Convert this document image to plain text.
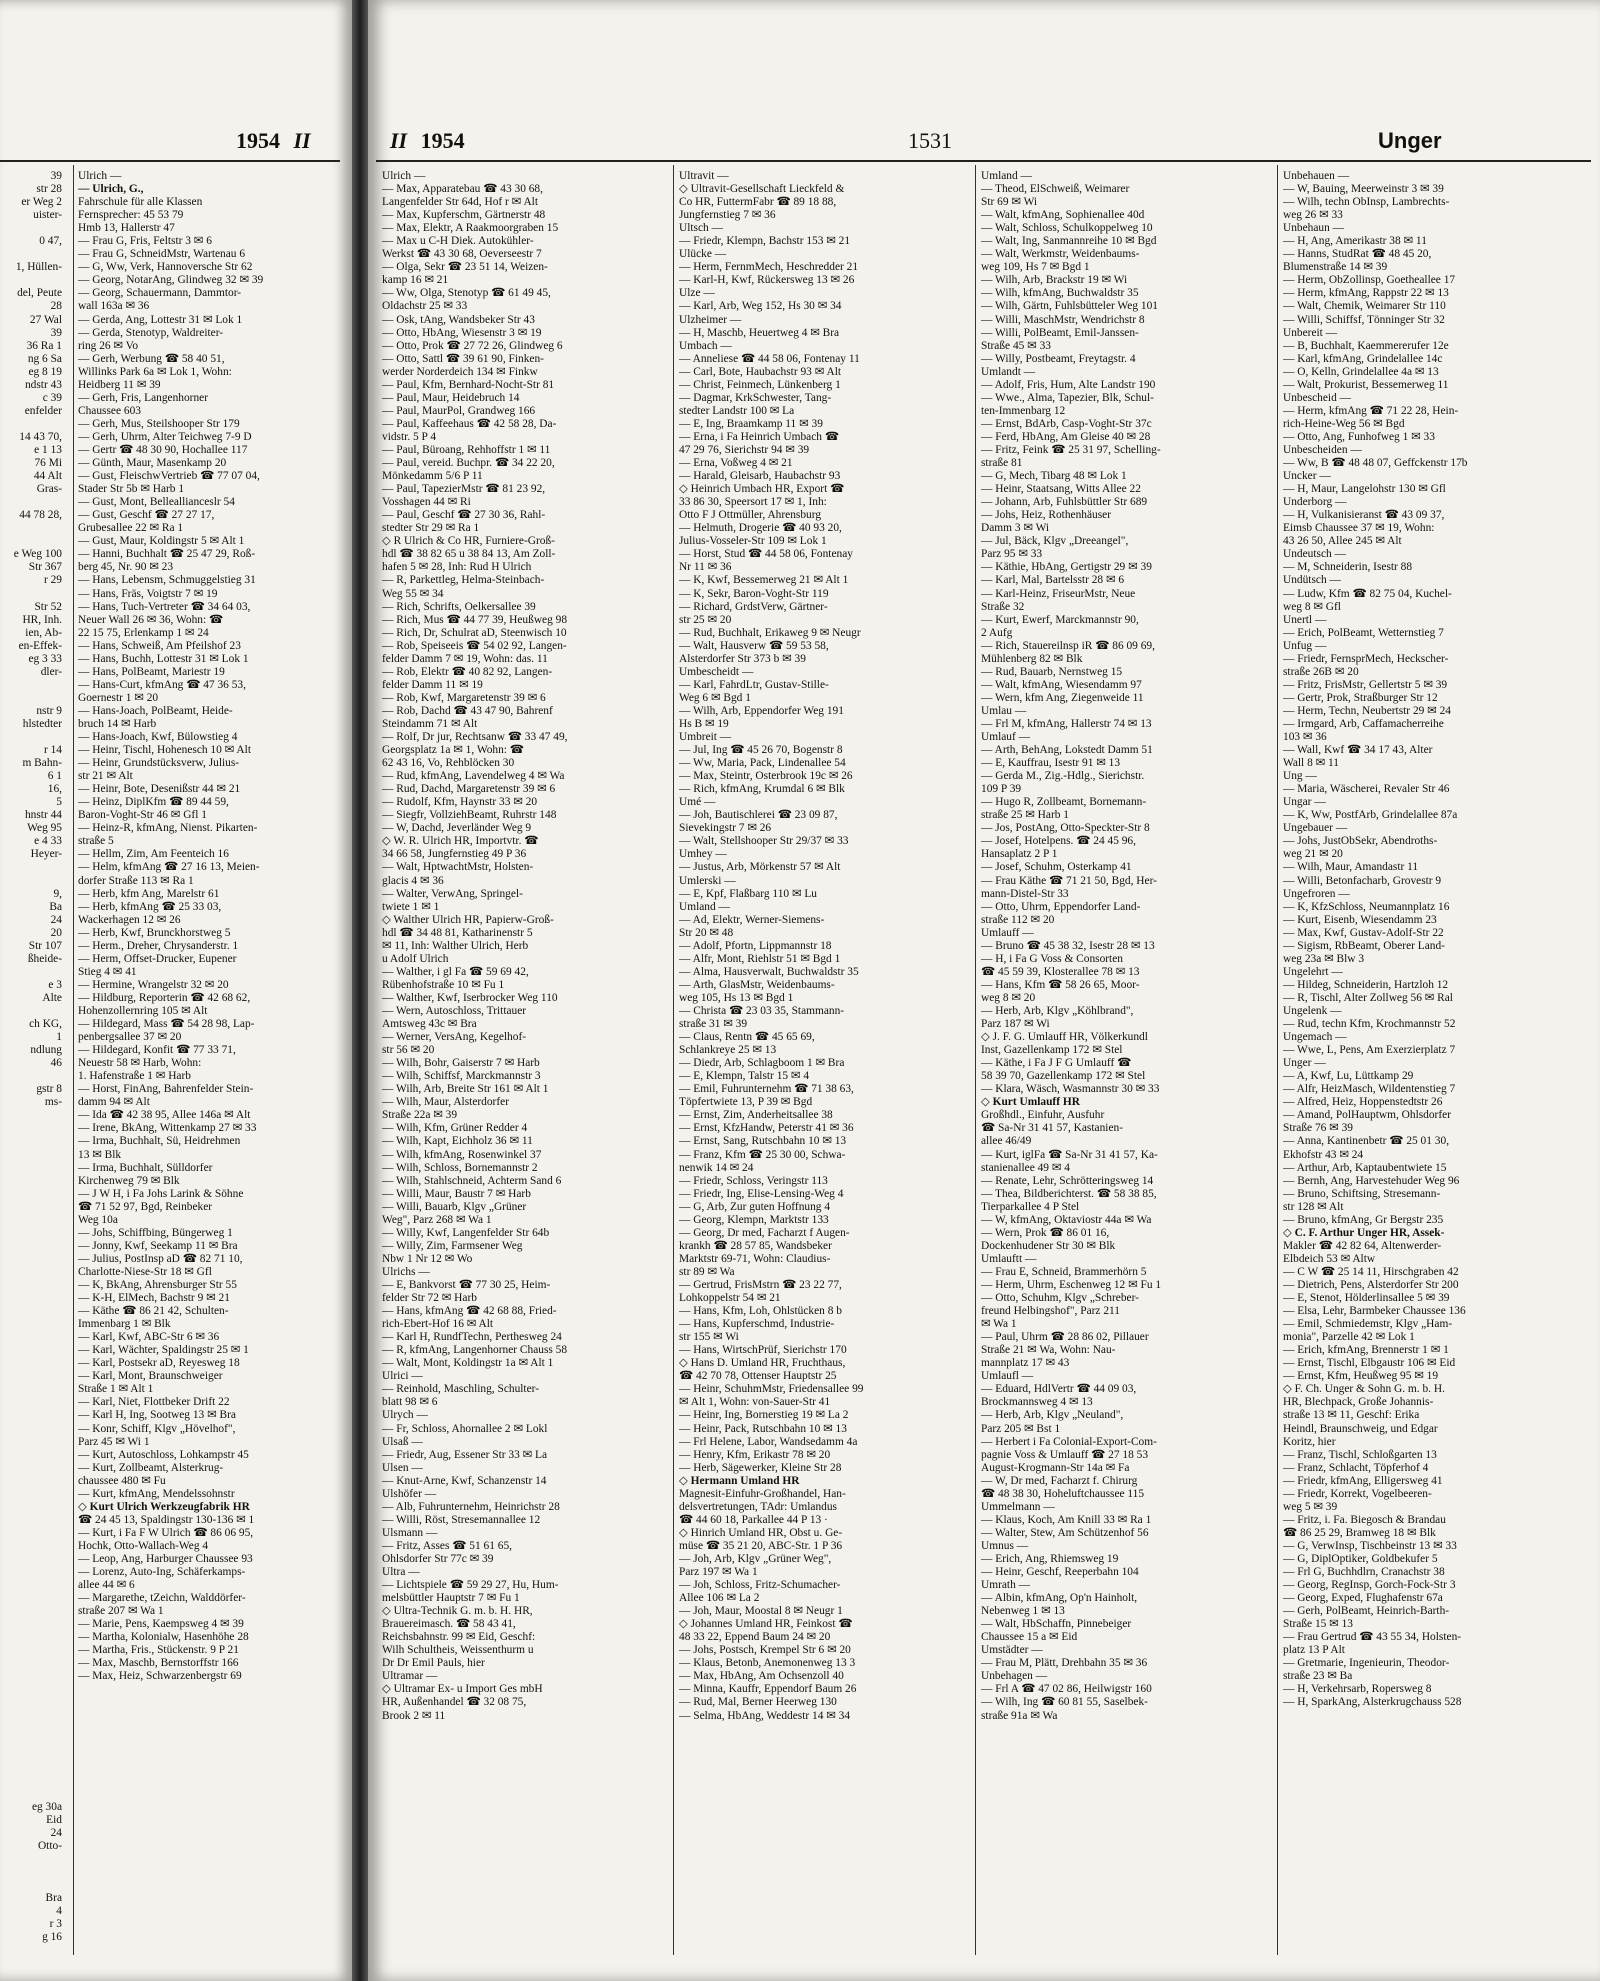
1954 II
39
str 28
er Weg 2
uister-

0 47,

1, Hüllen-

del, Peute
28
27 Wal
39
36 Ra 1
ng 6 Sa
eg 8 19
ndstr 43
c 39
enfelder

14 43 70,
e 1 13
76 Mi
44 Alt
Gras-

44 78 28,

e Weg 100
Str 367
r 29

Str 52
HR, Inh.
ien, Ab-
en-Effek-
eg 3 33
dler-

nstr 9
hlstedter

r 14
m Bahn-
6 1
16,
5
hnstr 44
Weg 95
e 4 33
Heyer-

9,
Ba
24
20
Str 107
ßheide-

e 3
Alte

ch KG,
1
ndlung
46

gstr 8
ms-

eg 30a
Eid
24
Otto-

Bra
4
r 3
g 16
Ulrich —
— Ulrich, G.,
Fahrschule für alle Klassen
Fernsprecher: 45 53 79
Hmb 13, Hallerstr 47
— Frau G, Fris, Feltstr 3 ✉ 6
— Frau G, SchneidMstr, Wartenau 6
— G, Ww, Verk, Hannoversche Str 62
— Georg, NotarAng, Glindweg 32 ✉ 39
— Georg, Schauermann, Dammtor-
wall 163a ✉ 36
— Gerda, Ang, Lottestr 31 ✉ Lok 1
— Gerda, Stenotyp, Waldreiter-
ring 26 ✉ Vo
— Gerh, Werbung ☎ 58 40 51,
Willinks Park 6a ✉ Lok 1, Wohn:
Heidberg 11 ✉ 39
— Gerh, Fris, Langenhorner
Chaussee 603
— Gerh, Mus, Steilshooper Str 179
— Gerh, Uhrm, Alter Teichweg 7-9 D
— Gertr ☎ 48 30 90, Hochallee 117
— Günth, Maur, Masenkamp 20
— Gust, FleischwVertrieb ☎ 77 07 04,
Stader Str 5b ✉ Harb 1
— Gust, Mont, Belleallianceslr 54
— Gust, Geschf ☎ 27 27 17,
Grubesallee 22 ✉ Ra 1
— Gust, Maur, Koldingstr 5 ✉ Alt 1
— Hanni, Buchhalt ☎ 25 47 29, Roß-
berg 45, Nr. 90 ✉ 23
— Hans, Lebensm, Schmuggelstieg 31
— Hans, Fräs, Voigtstr 7 ✉ 19
— Hans, Tuch-Vertreter ☎ 34 64 03,
Neuer Wall 26 ✉ 36, Wohn: ☎
22 15 75, Erlenkamp 1 ✉ 24
— Hans, Schweiß, Am Pfeilshof 23
— Hans, Buchh, Lottestr 31 ✉ Lok 1
— Hans, PolBeamt, Mariestr 19
— Hans-Curt, kfmAng ☎ 47 36 53,
Goernestr 1 ✉ 20
— Hans-Joach, PolBeamt, Heide-
bruch 14 ✉ Harb
— Hans-Joach, Kwf, Bülowstieg 4
— Heinr, Tischl, Hohenesch 10 ✉ Alt
— Heinr, Grundstücksverw, Julius-
str 21 ✉ Alt
— Heinr, Bote, Desenißstr 44 ✉ 21
— Heinz, DiplKfm ☎ 89 44 59,
Baron-Voght-Str 46 ✉ Gfl 1
— Heinz-R, kfmAng, Nienst. Pikarten-
straße 5
— Hellm, Zim, Am Feenteich 16
— Helm, kfmAng ☎ 27 16 13, Meien-
dorfer Straße 113 ✉ Ra 1
— Herb, kfm Ang, Marelstr 61
— Herb, kfmAng ☎ 25 33 03,
Wackerhagen 12 ✉ 26
— Herb, Kwf, Brunckhorstweg 5
— Herm., Dreher, Chrysanderstr. 1
— Herm, Offset-Drucker, Eupener
Stieg 4 ✉ 41
— Hermine, Wrangelstr 32 ✉ 20
— Hildburg, Reporterin ☎ 42 68 62,
Hohenzollernring 105 ✉ Alt
— Hildegard, Mass ☎ 54 28 98, Lap-
penbergsallee 37 ✉ 20
— Hildegard, Konfit ☎ 77 33 71,
Neuestr 58 ✉ Harb, Wohn:
1. Hafenstraße 1 ✉ Harb
— Horst, FinAng, Bahrenfelder Stein-
damm 94 ✉ Alt
— Ida ☎ 42 38 95, Allee 146a ✉ Alt
— Irene, BkAng, Wittenkamp 27 ✉ 33
— Irma, Buchhalt, Sü, Heidrehmen
13 ✉ Blk
— Irma, Buchhalt, Sülldorfer
Kirchenweg 79 ✉ Blk
— J W H, i Fa Johs Larink & Söhne
☎ 71 52 97, Bgd, Reinbeker
Weg 10a
— Johs, Schiffbing, Büngerweg 1
— Jonny, Kwf, Seekamp 11 ✉ Bra
— Julius, PostInsp aD ☎ 82 71 10,
Charlotte-Niese-Str 18 ✉ Gfl
— K, BkAng, Ahrensburger Str 55
— K-H, ElMech, Bachstr 9 ✉ 21
— Käthe ☎ 86 21 42, Schulten-
Immenbarg 1 ✉ Blk
— Karl, Kwf, ABC-Str 6 ✉ 36
— Karl, Wächter, Spaldingstr 25 ✉ 1
— Karl, Postsekr aD, Reyesweg 18
— Karl, Mont, Braunschweiger
Straße 1 ✉ Alt 1
— Karl, Niet, Flottbeker Drift 22
— Karl H, Ing, Sootweg 13 ✉ Bra
— Konr, Schiff, Klgv „Hövelhof",
Parz 45 ✉ Wi 1
— Kurt, Autoschloss, Lohkampstr 45
— Kurt, Zollbeamt, Alsterkrug-
chaussee 480 ✉ Fu
— Kurt, kfmAng, Mendelssohnstr
◇ Kurt Ulrich Werkzeugfabrik HR
☎ 24 45 13, Spaldingstr 130-136 ✉ 1
— Kurt, i Fa F W Ulrich ☎ 86 06 95,
Hochk, Otto-Wallach-Weg 4
— Leop, Ang, Harburger Chaussee 93
— Lorenz, Auto-Ing, Schäferkamps-
allee 44 ✉ 6
— Margarethe, tZeichn, Walddörfer-
straße 207 ✉ Wa 1
— Marie, Pens, Kaempsweg 4 ✉ 39
— Martha, Kolonialw, Hasenhöhe 28
— Martha, Fris., Stückenstr. 9 P 21
— Max, Maschb, Bernstorffstr 166
— Max, Heiz, Schwarzenbergstr 69
II 1954	1531	Unger
Ulrich —
— Max, Apparatebau ☎ 43 30 68,
Langenfelder Str 64d, Hof r ✉ Alt
— Max, Kupferschm, Gärtnerstr 48
— Max, Elektr, A Raakmoorgraben 15
— Max u C-H Diek. Autokühler-
Werkst ☎ 43 30 68, Oeverseestr 7
— Olga, Sekr ☎ 23 51 14, Weizen-
kamp 16 ✉ 21
— Ww, Olga, Stenotyp ☎ 61 49 45,
Oldachstr 25 ✉ 33
— Osk, tAng, Wandsbeker Str 43
— Otto, HbAng, Wiesenstr 3 ✉ 19
— Otto, Prok ☎ 27 72 26, Glindweg 6
— Otto, Sattl ☎ 39 61 90, Finken-
werder Norderdeich 134 ✉ Finkw
— Paul, Kfm, Bernhard-Nocht-Str 81
— Paul, Maur, Heidebruch 14
— Paul, MaurPol, Grandweg 166
— Paul, Kaffeehaus ☎ 42 58 28, Da-
vidstr. 5 P 4
— Paul, Büroang, Rehhoffstr 1 ✉ 11
— Paul, vereid. Buchpr. ☎ 34 22 20,
Mönkedamm 5/6 P 11
— Paul, TapezierMstr ☎ 81 23 92,
Vosshagen 44 ✉ Ri
— Paul, Geschf ☎ 27 30 36, Rahl-
stedter Str 29 ✉ Ra 1
◇ R Ulrich & Co HR, Furniere-Groß-
hdl ☎ 38 82 65 u 38 84 13, Am Zoll-
hafen 5 ✉ 28, Inh: Rud H Ulrich
— R, Parkettleg, Helma-Steinbach-
Weg 55 ✉ 34
— Rich, Schrifts, Oelkersallee 39
— Rich, Mus ☎ 44 77 39, Heußweg 98
— Rich, Dr, Schulrat aD, Steenwisch 10
— Rob, Speiseeis ☎ 54 02 92, Langen-
felder Damm 7 ✉ 19, Wohn: das. 11
— Rob, Elektr ☎ 40 82 92, Langen-
felder Damm 11 ✉ 19
— Rob, Kwf, Margaretenstr 39 ✉ 6
— Rob, Dachd ☎ 43 47 90, Bahrenf
Steindamm 71 ✉ Alt
— Rolf, Dr jur, Rechtsanw ☎ 33 47 49,
Georgsplatz 1a ✉ 1, Wohn: ☎
62 43 16, Vo, Rehblöcken 30
— Rud, kfmAng, Lavendelweg 4 ✉ Wa
— Rud, Dachd, Margaretenstr 39 ✉ 6
— Rudolf, Kfm, Haynstr 33 ✉ 20
— Siegfr, VollziehBeamt, Ruhrstr 148
— W, Dachd, Jeverländer Weg 9
◇ W. R. Ulrich HR, Importvtr. ☎
34 66 58, Jungfernstieg 49 P 36
— Walt, HptwachtMstr, Holsten-
glacis 4 ✉ 36
— Walter, VerwAng, Springel-
twiete 1 ✉ 1
◇ Walther Ulrich HR, Papierw-Groß-
hdl ☎ 34 48 81, Katharinenstr 5
✉ 11, Inh: Walther Ulrich, Herb
u Adolf Ulrich
— Walther, i gl Fa ☎ 59 69 42,
Rübenhofstraße 10 ✉ Fu 1
— Walther, Kwf, Iserbrocker Weg 110
— Wern, Autoschloss, Trittauer
Amtsweg 43c ✉ Bra
— Werner, VersAng, Kegelhof-
str 56 ✉ 20
— Wilh, Bohr, Gaiserstr 7 ✉ Harb
— Wilh, Schiffsf, Marckmannstr 3
— Wilh, Arb, Breite Str 161 ✉ Alt 1
— Wilh, Maur, Alsterdorfer
Straße 22a ✉ 39
— Wilh, Kfm, Grüner Redder 4
— Wilh, Kapt, Eichholz 36 ✉ 11
— Wilh, kfmAng, Rosenwinkel 37
— Wilh, Schloss, Bornemannstr 2
— Wilh, Stahlschneid, Achterm Sand 6
— Willi, Maur, Baustr 7 ✉ Harb
— Willi, Bauarb, Klgv „Grüner
Weg", Parz 268 ✉ Wa 1
— Willy, Kwf, Langenfelder Str 64b
— Willy, Zim, Farmsener Weg
Nbw 1 Nr 12 ✉ Wo
Ulrichs —
— E, Bankvorst ☎ 77 30 25, Heim-
felder Str 72 ✉ Harb
— Hans, kfmAng ☎ 42 68 88, Fried-
rich-Ebert-Hof 16 ✉ Alt
— Karl H, RundfTechn, Perthesweg 24
— R, kfmAng, Langenhorner Chauss 58
— Walt, Mont, Koldingstr 1a ✉ Alt 1
Ulrici —
— Reinhold, Maschling, Schulter-
blatt 98 ✉ 6
Ulrych —
— Fr, Schloss, Ahornallee 2 ✉ Lokl
Ulsaß —
— Friedr, Aug, Essener Str 33 ✉ La
Ulsen —
— Knut-Arne, Kwf, Schanzenstr 14
Ulshöfer —
— Alb, Fuhrunternehm, Heinrichstr 28
— Willi, Röst, Stresemannallee 12
Ulsmann —
— Fritz, Asses ☎ 51 61 65,
Ohlsdorfer Str 77c ✉ 39
Ultra —
— Lichtspiele ☎ 59 29 27, Hu, Hum-
melsbüttler Hauptstr 7 ✉ Fu 1
◇ Ultra-Technik G. m. b. H. HR,
Brauereimasch. ☎ 58 43 41,
Reichsbahnstr. 99 ✉ Eid, Geschf:
Wilh Schultheis, Weissenthurm u
Dr Dr Emil Pauls, hier
Ultramar —
◇ Ultramar Ex- u Import Ges mbH
HR, Außenhandel ☎ 32 08 75,
Brook 2 ✉ 11
Ultravit —
◇ Ultravit-Gesellschaft Lieckfeld &
Co HR, FuttermFabr ☎ 89 18 88,
Jungfernstieg 7 ✉ 36
Ultsch —
— Friedr, Klempn, Bachstr 153 ✉ 21
Ulücke —
— Herm, FernmMech, Heschredder 21
— Karl-H, Kwf, Rückersweg 13 ✉ 26
Ulze —
— Karl, Arb, Weg 152, Hs 30 ✉ 34
Ulzheimer —
— H, Maschb, Heuertweg 4 ✉ Bra
Umbach —
— Anneliese ☎ 44 58 06, Fontenay 11
— Carl, Bote, Haubachstr 93 ✉ Alt
— Christ, Feinmech, Lünkenberg 1
— Dagmar, KrkSchwester, Tang-
stedter Landstr 100 ✉ La
— E, Ing, Braamkamp 11 ✉ 39
— Erna, i Fa Heinrich Umbach ☎
47 29 76, Sierichstr 94 ✉ 39
— Erna, Voßweg 4 ✉ 21
— Harald, Gleisarb, Haubachstr 93
◇ Heinrich Umbach HR, Export ☎
33 86 30, Speersort 17 ✉ 1, Inh:
Otto F J Ottmüller, Ahrensburg
— Helmuth, Drogerie ☎ 40 93 20,
Julius-Vosseler-Str 109 ✉ Lok 1
— Horst, Stud ☎ 44 58 06, Fontenay
Nr 11 ✉ 36
— K, Kwf, Bessemerweg 21 ✉ Alt 1
— K, Sekr, Baron-Voght-Str 119
— Richard, GrdstVerw, Gärtner-
str 25 ✉ 20
— Rud, Buchhalt, Erikaweg 9 ✉ Neugr
— Walt, Hausverw ☎ 59 53 58,
Alsterdorfer Str 373 b ✉ 39
Umbescheidt —
— Karl, FahrdLtr, Gustav-Stille-
Weg 6 ✉ Bgd 1
— Wilh, Arb, Eppendorfer Weg 191
Hs B ✉ 19
Umbreit —
— Jul, Ing ☎ 45 26 70, Bogenstr 8
— Ww, Maria, Pack, Lindenallee 54
— Max, Steintr, Osterbrook 19c ✉ 26
— Rich, kfmAng, Krumdal 6 ✉ Blk
Umé —
— Joh, Bautischlerei ☎ 23 09 87,
Sievekingstr 7 ✉ 26
— Walt, Stellshooper Str 29/37 ✉ 33
Umhey —
— Justus, Arb, Mörkenstr 57 ✉ Alt
Umlerski —
— E, Kpf, Flaßbarg 110 ✉ Lu
Umland —
— Ad, Elektr, Werner-Siemens-
Str 20 ✉ 48
— Adolf, Pfortn, Lippmannstr 18
— Alfr, Mont, Riehlstr 51 ✉ Bgd 1
— Alma, Hausverwalt, Buchwaldstr 35
— Arth, GlasMstr, Weidenbaums-
weg 105, Hs 13 ✉ Bgd 1
— Christa ☎ 23 03 35, Stammann-
straße 31 ✉ 39
— Claus, Rentn ☎ 45 65 69,
Schlankreye 25 ✉ 13
— Diedr, Arb, Schlagboom 1 ✉ Bra
— E, Klempn, Talstr 15 ✉ 4
— Emil, Fuhrunternehm ☎ 71 38 63,
Töpfertwiete 13, P 39 ✉ Bgd
— Ernst, Zim, Anderheitsallee 38
— Ernst, KfzHandw, Peterstr 41 ✉ 36
— Ernst, Sang, Rutschbahn 10 ✉ 13
— Franz, Kfm ☎ 25 30 00, Schwa-
nenwik 14 ✉ 24
— Friedr, Schloss, Veringstr 113
— Friedr, Ing, Elise-Lensing-Weg 4
— G, Arb, Zur guten Hoffnung 4
— Georg, Klempn, Marktstr 133
— Georg, Dr med, Facharzt f Augen-
krankh ☎ 28 57 85, Wandsbeker
Marktstr 69-71, Wohn: Claudius-
str 89 ✉ Wa
— Gertrud, FrisMstrn ☎ 23 22 77,
Lohkoppelstr 54 ✉ 21
— Hans, Kfm, Loh, Ohlstücken 8 b
— Hans, Kupferschmd, Industrie-
str 155 ✉ Wi
— Hans, WirtschPrüf, Sierichstr 170
◇ Hans D. Umland HR, Fruchthaus,
☎ 42 70 78, Ottenser Hauptstr 25
— Heinr, SchuhmMstr, Friedensallee 99
✉ Alt 1, Wohn: von-Sauer-Str 41
— Heinr, Ing, Bornerstieg 19 ✉ La 2
— Heinr, Pack, Rutschbahn 10 ✉ 13
— Frl Helene, Labor, Wandsedamm 4a
— Henry, Kfm, Erikastr 78 ✉ 20
— Herb, Sägewerker, Kleine Str 28
◇ Hermann Umland HR
Magnesit-Einfuhr-Großhandel, Han-
delsvertretungen, TAdr: Umlandus
☎ 44 60 18, Parkallee 44 P 13 ·
◇ Hinrich Umland HR, Obst u. Ge-
müse ☎ 35 21 20, ABC-Str. 1 P 36
— Joh, Arb, Klgv „Grüner Weg",
Parz 197 ✉ Wa 1
— Joh, Schloss, Fritz-Schumacher-
Allee 106 ✉ La 2
— Joh, Maur, Moostal 8 ✉ Neugr 1
◇ Johannes Umland HR, Feinkost ☎
48 33 22, Eppend Baum 24 ✉ 20
— Johs, Postsch, Krempel Str 6 ✉ 20
— Klaus, Betonb, Anemonenweg 13 3
— Max, HbAng, Am Ochsenzoll 40
— Minna, Kauffr, Eppendorf Baum 26
— Rud, Mal, Berner Heerweg 130
— Selma, HbAng, Weddestr 14 ✉ 34
Umland —
— Theod, ElSchweiß, Weimarer
Str 69 ✉ Wi
— Walt, kfmAng, Sophienallee 40d
— Walt, Schloss, Schulkoppelweg 10
— Walt, Ing, Sanmannreihe 10 ✉ Bgd
— Walt, Werkmstr, Weidenbaums-
weg 109, Hs 7 ✉ Bgd 1
— Wilh, Arb, Brackstr 19 ✉ Wi
— Wilh, kfmAng, Buchwaldstr 35
— Wilh, Gärtn, Fuhlsbütteler Weg 101
— Willi, MaschMstr, Wendrichstr 8
— Willi, PolBeamt, Emil-Janssen-
Straße 45 ✉ 33
— Willy, Postbeamt, Freytagstr. 4
Umlandt —
— Adolf, Fris, Hum, Alte Landstr 190
— Wwe., Alma, Tapezier, Blk, Schul-
ten-Immenbarg 12
— Ernst, BdArb, Casp-Voght-Str 37c
— Ferd, HbAng, Am Gleise 40 ✉ 28
— Fritz, Feink ☎ 25 31 97, Schelling-
straße 81
— G, Mech, Tibarg 48 ✉ Lok 1
— Heinr, Staatsang, Witts Allee 22
— Johann, Arb, Fuhlsbüttler Str 689
— Johs, Heiz, Rothenhäuser
Damm 3 ✉ Wi
— Jul, Bäck, Klgv „Dreeangel",
Parz 95 ✉ 33
— Käthie, HbAng, Gertigstr 29 ✉ 39
— Karl, Mal, Bartelsstr 28 ✉ 6
— Karl-Heinz, FriseurMstr, Neue
Straße 32
— Kurt, Ewerf, Marckmannstr 90,
2 Aufg
— Rich, Stauereilnsp iR ☎ 86 09 69,
Mühlenberg 82 ✉ Blk
— Rud, Bauarb, Nernstweg 15
— Walt, kfmAng, Wiesendamm 97
— Wern, kfm Ang, Ziegenweide 11
Umlau —
— Frl M, kfmAng, Hallerstr 74 ✉ 13
Umlauf —
— Arth, BehAng, Lokstedt Damm 51
— E, Kauffrau, Isestr 91 ✉ 13
— Gerda M., Zig.-Hdlg., Sierichstr.
109 P 39
— Hugo R, Zollbeamt, Bornemann-
straße 25 ✉ Harb 1
— Jos, PostAng, Otto-Speckter-Str 8
— Josef, Hotelpens. ☎ 24 45 96,
Hansaplatz 2 P 1
— Josef, Schuhm, Osterkamp 41
— Frau Käthe ☎ 71 21 50, Bgd, Her-
mann-Distel-Str 33
— Otto, Uhrm, Eppendorfer Land-
straße 112 ✉ 20
Umlauff —
— Bruno ☎ 45 38 32, Isestr 28 ✉ 13
— H, i Fa G Voss & Consorten
☎ 45 59 39, Klosterallee 78 ✉ 13
— Hans, Kfm ☎ 58 26 65, Moor-
weg 8 ✉ 20
— Herb, Arb, Klgv „Köhlbrand",
Parz 187 ✉ Wi
◇ J. F. G. Umlauff HR, Völkerkundl
Inst, Gazellenkamp 172 ✉ Stel
— Käthe, i Fa J F G Umlauff ☎
58 39 70, Gazellenkamp 172 ✉ Stel
— Klara, Wäsch, Wasmannstr 30 ✉ 33
◇ Kurt Umlauff HR
Großhdl., Einfuhr, Ausfuhr
☎ Sa-Nr 31 41 57, Kastanien-
allee 46/49
— Kurt, iglFa ☎ Sa-Nr 31 41 57, Ka-
stanienallee 49 ✉ 4
— Renate, Lehr, Schrötteringsweg 14
— Thea, Bildberichterst. ☎ 58 38 85,
Tierparkallee 4 P Stel
— W, kfmAng, Oktaviostr 44a ✉ Wa
— Wern, Prok ☎ 86 01 16,
Dockenhudener Str 30 ✉ Blk
Umlauftt —
— Frau E, Schneid, Brammerhörn 5
— Herm, Uhrm, Eschenweg 12 ✉ Fu 1
— Otto, Schuhm, Klgv „Schreber-
freund Helbingshof", Parz 211
✉ Wa 1
— Paul, Uhrm ☎ 28 86 02, Pillauer
Straße 21 ✉ Wa, Wohn: Nau-
mannplatz 17 ✉ 43
Umlaufl —
— Eduard, HdlVertr ☎ 44 09 03,
Brockmannsweg 4 ✉ 13
— Herb, Arb, Klgv „Neuland",
Parz 205 ✉ Bst 1
— Herbert i Fa Colonial-Export-Com-
pagnie Voss & Umlauff ☎ 27 18 53
August-Krogmann-Str 14a ✉ Fa
— W, Dr med, Facharzt f. Chirurg
☎ 48 38 30, Hoheluftchaussee 115
Ummelmann —
— Klaus, Koch, Am Knill 33 ✉ Ra 1
— Walter, Stew, Am Schützenhof 56
Umnus —
— Erich, Ang, Rhiemsweg 19
— Heinr, Geschf, Reeperbahn 104
Umrath —
— Albin, kfmAng, Op'n Hainholt,
Nebenweg 1 ✉ 13
— Walt, HbSchaffn, Pinnebeiger
Chaussee 15 a ✉ Eid
Umstädter —
— Frau M, Plätt, Drehbahn 35 ✉ 36
Unbehagen —
— Frl A ☎ 47 02 86, Heilwigstr 160
— Wilh, Ing ☎ 60 81 55, Saselbek-
straße 91a ✉ Wa
Unbehauen —
— W, Bauing, Meerweinstr 3 ✉ 39
— Wilh, techn ObInsp, Lambrechts-
weg 26 ✉ 33
Unbehaun —
— H, Ang, Amerikastr 38 ✉ 11
— Hanns, StudRat ☎ 48 45 20,
Blumenstraße 14 ✉ 39
— Herm, ObZollinsp, Goetheallee 17
— Herm, kfmAng, Rappstr 22 ✉ 13
— Walt, Chemik, Weimarer Str 110
— Willi, Schiffsf, Tönninger Str 32
Unbereit —
— B, Buchhalt, Kaemmererufer 12e
— Karl, kfmAng, Grindelallee 14c
— O, Kelln, Grindelallee 4a ✉ 13
— Walt, Prokurist, Bessemerweg 11
Unbescheid —
— Herm, kfmAng ☎ 71 22 28, Hein-
rich-Heine-Weg 56 ✉ Bgd
— Otto, Ang, Funhofweg 1 ✉ 33
Unbescheiden —
— Ww, B ☎ 48 48 07, Geffckenstr 17b
Uncker —
— H, Maur, Langelohstr 130 ✉ Gfl
Underborg —
— H, Vulkanisieranst ☎ 43 09 37,
Eimsb Chaussee 37 ✉ 19, Wohn:
43 26 50, Allee 245 ✉ Alt
Undeutsch —
— M, Schneiderin, Isestr 88
Undütsch —
— Ludw, Kfm ☎ 82 75 04, Kuchel-
weg 8 ✉ Gfl
Unertl —
— Erich, PolBeamt, Wetternstieg 7
Unfug —
— Friedr, FernsprMech, Heckscher-
straße 26B ✉ 20
— Fritz, FrisMstr, Gellertstr 5 ✉ 39
— Gertr, Prok, Straßburger Str 12
— Herm, Techn, Neubertstr 29 ✉ 24
— Irmgard, Arb, Caffamacherreihe
103 ✉ 36
— Wall, Kwf ☎ 34 17 43, Alter
Wall 8 ✉ 11
Ung —
— Maria, Wäscherei, Revaler Str 46
Ungar —
— K, Ww, PostfArb, Grindelallee 87a
Ungebauer —
— Johs, JustObSekr, Abendroths-
weg 21 ✉ 20
— Wilh, Maur, Amandastr 11
— Willi, Betonfacharb, Grovestr 9
Ungefroren —
— K, KfzSchloss, Neumannplatz 16
— Kurt, Eisenb, Wiesendamm 23
— Max, Kwf, Gustav-Adolf-Str 22
— Sigism, RbBeamt, Oberer Land-
weg 23a ✉ Blw 3
Ungelehrt —
— Hildeg, Schneiderin, Hartzloh 12
— R, Tischl, Alter Zollweg 56 ✉ Ral
Ungelenk —
— Rud, techn Kfm, Krochmannstr 52
Ungemach —
— Wwe, L, Pens, Am Exerzierplatz 7
Unger —
— A, Kwf, Lu, Lüttkamp 29
— Alfr, HeizMasch, Wildentenstieg 7
— Alfred, Heiz, Hoppenstedtstr 26
— Amand, PolHauptwm, Ohlsdorfer
Straße 76 ✉ 39
— Anna, Kantinenbetr ☎ 25 01 30,
Ekhofstr 43 ✉ 24
— Arthur, Arb, Kaptaubentwiete 15
— Bernh, Ang, Harvestehuder Weg 96
— Bruno, Schiftsing, Stresemann-
str 128 ✉ Alt
— Bruno, kfmAng, Gr Bergstr 235
◇ C. F. Arthur Unger HR, Assek-
Makler ☎ 42 82 64, Altenwerder-
Elbdeich 53 ✉ Altw
— C W ☎ 25 14 11, Hirschgraben 42
— Dietrich, Pens, Alsterdorfer Str 200
— E, Stenot, Hölderlinsallee 5 ✉ 39
— Elsa, Lehr, Barmbeker Chaussee 136
— Emil, Schmiedemstr, Klgv „Ham-
monia", Parzelle 42 ✉ Lok 1
— Erich, kfmAng, Brennerstr 1 ✉ 1
— Ernst, Tischl, Elbgaustr 106 ✉ Eid
— Ernst, Kfm, Heußweg 95 ✉ 19
◇ F. Ch. Unger & Sohn G. m. b. H.
HR, Blechpack, Große Johannis-
straße 13 ✉ 11, Geschf: Erika
Heindl, Braunschweig, und Edgar
Koritz, hier
— Franz, Tischl, Schloßgarten 13
— Franz, Schlacht, Töpferhof 4
— Friedr, kfmAng, Elligersweg 41
— Friedr, Korrekt, Vogelbeeren-
weg 5 ✉ 39
— Fritz, i. Fa. Biegosch & Brandau
☎ 86 25 29, Bramweg 18 ✉ Blk
— G, VerwInsp, Tischbeinstr 13 ✉ 33
— G, DiplOptiker, Goldbekufer 5
— Frl G, Buchhdlrn, Cranachstr 38
— Georg, RegInsp, Gorch-Fock-Str 3
— Georg, Exped, Flughafenstr 67a
— Gerh, PolBeamt, Heinrich-Barth-
Straße 15 ✉ 13
— Frau Gertrud ☎ 43 55 34, Holsten-
platz 13 P Alt
— Gretmarie, Ingenieurin, Theodor-
straße 23 ✉ Ba
— H, Verkehrsarb, Ropersweg 8
— H, SparkAng, Alsterkrugchauss 528
